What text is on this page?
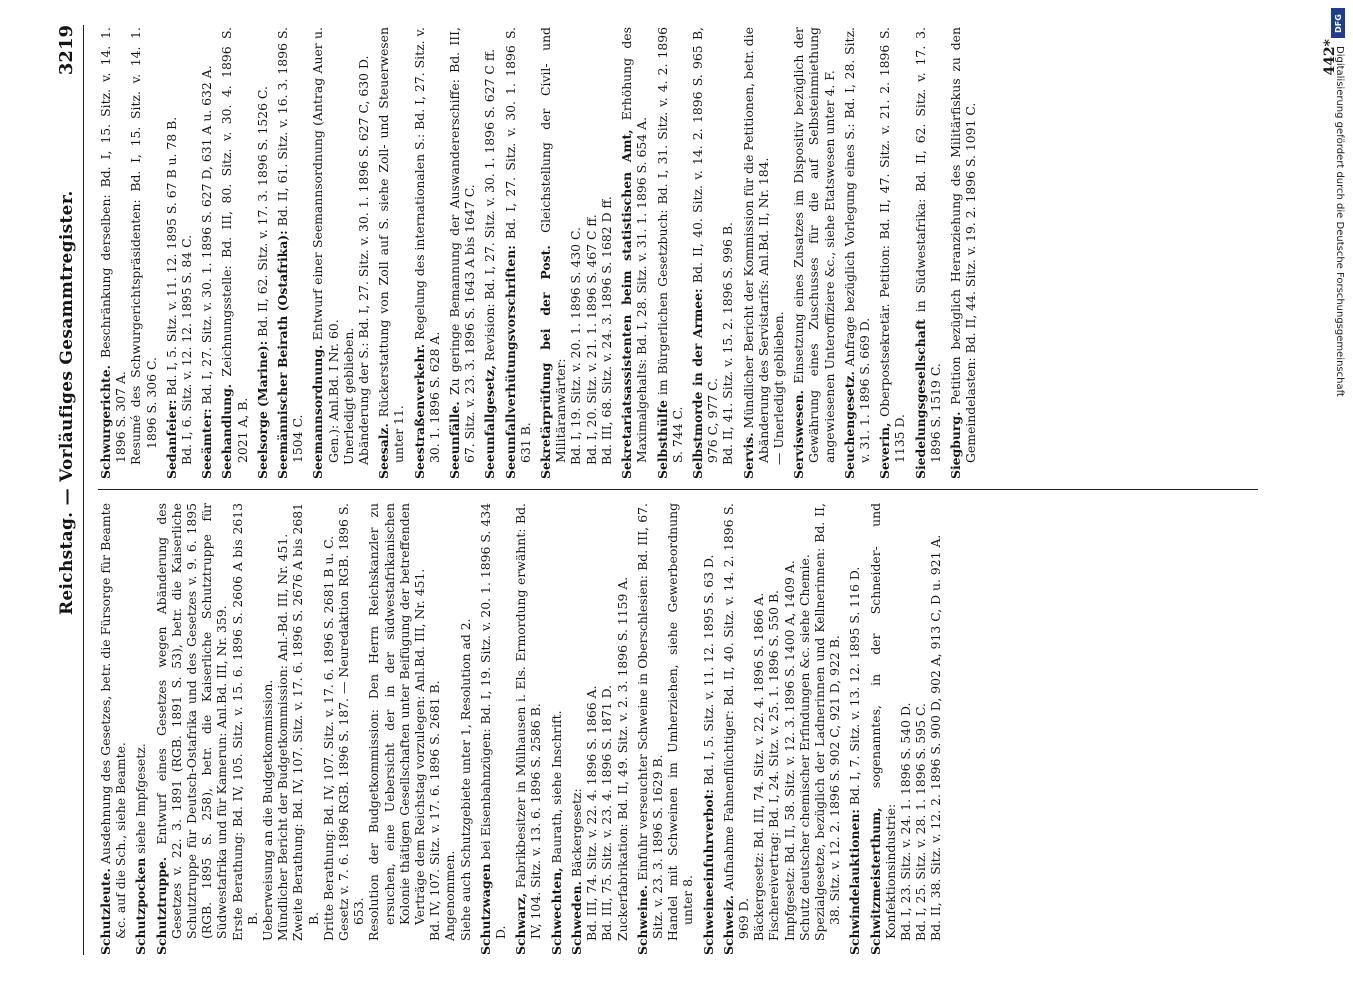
Reichstag. — Vorläufiges Gesammtregister.
3219
Schutzleute. Ausdehnung des Gesetzes, betr. die Fürsorge für Beamte &c. auf die Sch., siehe Beamte. Schutzpocken siehe Impfgesetz.
Schutztruppe. Entwurf eines Gesetzes wegen Abänderung des Gesetzes v. 22. 3. 1891 (RGB. 1891 S. 53), betr. die Kaiserliche Schutztruppe für Deutsch-Ostafrika und des Gesetzes v. 9. 6. 1895 (RGB. 1895 S. 258), betr. die Kaiserliche Schutztruppe für Südwestafrika und für Kamerun: Anl.Bd. III, Nr. 359. Erste Berathung: Bd. IV, 105. Sitz. v. 15. 6. 1896 S. 2606 A bis 2613 B. Ueberweisung an die Budgetkommission. Mündlicher Bericht der Budgetkommission: Anl.-Bd. III, Nr. 451. Zweite Berathung: Bd. IV, 107. Sitz. v. 17. 6. 1896 S. 2676 A bis 2681 B. Dritte Berathung: Bd. IV, 107. Sitz. v. 17. 6. 1896 S. 2681 B u. C. Gesetz v. 7. 6. 1896 RGB. 1896 S. 187. — Neuredaktion RGB. 1896 S. 653. Resolution der Budgetkommission: Den Herrn Reichskanzler zu ersuchen, eine Uebersicht der in der südwestafrikanischen Kolonie thätigen Gesellschaften unter Beifügung der betreffenden Verträge dem Reichstag vorzulegen: Anl.Bd. III, Nr. 451. Bd. IV, 107. Sitz. v. 17. 6. 1896 S. 2681 B. Angenommen. Siehe auch Schutzgebiete unter 1, Resolution ad 2. Schutzwagen bei Eisenbahnzügen: Bd. I, 19. Sitz. v. 20. 1. 1896 S. 434 D. Schwarz, Fabrikbesitzer in Mülhausen i. Els. Ermordung erwähnt: Bd. IV, 104. Sitz. v. 13. 6. 1896 S. 2586 B. Schwechten, Baurath, siehe Inschrift.
Schweden. Bäckergesetz: Bd. III, 74. Sitz. v. 22. 4. 1896 S. 1866 A. Bd. III, 75. Sitz. v. 23. 4. 1896 S. 1871 D. Zuckerfabrikation: Bd. II, 49. Sitz. v. 2. 3. 1896 S. 1159 A. Schweine. Einfuhr verseuchter Schweine in Oberschlesien: Bd. III, 67. Sitz. v. 23. 3. 1896 S. 1629 B. Handel mit Schweinen im Umherziehen, siehe Gewerbeordnung unter 8. Schweineeinfuhrverbot: Bd. I, 5. Sitz. v. 11. 12. 1895 S. 63 D.
Schweiz. Aufnahme Fahnenflüchtiger: Bd. II, 40. Sitz. v. 14. 2. 1896 S. 969 D. Bäckergesetz: Bd. III, 74. Sitz. v. 22. 4. 1896 S. 1866 A. Fischereivertrag: Bd. I, 24. Sitz. v. 25. 1. 1896 S. 550 B. Impfgesetz: Bd. II, 58. Sitz. v. 12. 3. 1896 S. 1400 A, 1409 A. Schutz deutscher chemischer Erfindungen &c. siehe Chemie. Spezialgesetze, bezüglich der Ladnerinnen und Kellnerinnen: Bd. II, 38. Sitz. v. 12. 2. 1896 S. 902 C, 921 D, 922 B. Schwindelauktionen: Bd. I, 7. Sitz. v. 13. 12. 1895 S. 116 D.
Schwitzmeisterthum, sogenanntes, in der Schneider- und Konfektionsindustrie: Bd. I, 23. Sitz. v. 24. 1. 1896 S. 540 D. Bd. I, 25. Sitz. v. 28. 1. 1896 S. 595 C. Bd. II, 38. Sitz. v. 12. 2. 1896 S. 900 D, 902 A, 913 C, D u. 921 A.
Schwurgerichte. Beschränkung derselben: Bd. I, 15. Sitz. v. 14. 1. 1896 S. 307 A. Resumé des Schwurgerichtspräsidenten: Bd. I, 15. Sitz. v. 14. 1. 1896 S. 306 C. Sedanfeier: Bd. I, 5. Sitz. v. 11. 12. 1895 S. 67 B u. 78 B. Bd. I, 6. Sitz. v. 12. 12. 1895 S. 84 C. Seeämter: Bd. I, 27. Sitz. v. 30. 1. 1896 S. 627 D, 631 A u. 632 A.
Seehandlung. Zeichnungsstelle: Bd. III, 80. Sitz. v. 30. 4. 1896 S. 2021 A, B. Seelsorge (Marine): Bd. II, 62. Sitz. v. 17. 3. 1896 S. 1526 C.
Seemännischer Beirath (Ostafrika): Bd. II, 61. Sitz. v. 16. 3. 1896 S. 1504 C. Seemannsordnung. Entwurf einer Seemannsordnung (Antrag Auer u. Gen.): Anl.Bd. I Nr. 60. Unerledigt geblieben. Abänderung der S.: Bd. I, 27. Sitz. v. 30. 1. 1896 S. 627 C, 630 D. Seesalz. Rückerstattung von Zoll auf S. siehe Zoll- und Steuerwesen unter 11. Seestraßenverkehr. Regelung des internationalen S.: Bd. I, 27. Sitz. v. 30. 1. 1896 S. 628 A. Seeunfälle. Zu geringe Bemannung der Auswandererschiffe: Bd. III, 67. Sitz. v. 23. 3. 1896 S. 1643 A bis 1647 C. Seeunfallgesetz, Revision: Bd. I, 27. Sitz. v. 30. 1. 1896 S. 627 C ff.
Seeunfallverhütungsvorschriften: Bd. I, 27. Sitz. v. 30. 1. 1896 S. 631 B. Sekretärprüfung bei der Post. Gleichstellung der Civil- und Militäranwärter: Bd. I, 19. Sitz. v. 20. 1. 1896 S. 430 C. Bd. I, 20. Sitz. v. 21. 1. 1896 S. 467 C ff. Bd. III, 68. Sitz. v. 24. 3. 1896 S. 1682 D ff. Sekretariatsassistenten beim statistischen Amt, Erhöhung des Maximalgehalts: Bd. I, 28. Sitz. v. 31. 1. 1896 S. 654 A. Selbsthülfe im Bürgerlichen Gesetzbuch: Bd. I, 31. Sitz. v. 4. 2. 1896 S. 744 C. Selbstmorde in der Armee: Bd. II, 40. Sitz. v. 14. 2. 1896 S. 965 B, 976 C, 977 C. Bd. II, 41. Sitz. v. 15. 2. 1896 S. 996 B. Servis. Mündlicher Bericht der Kommission für die Petitionen, betr. die Abänderung des Servistarifs: Anl.Bd. II, Nr. 184. — Unerledigt geblieben. Serviswesen. Einsetzung eines Zusatzes im Dispositiv bezüglich der Gewährung eines Zuschusses für die auf Selbsteinmiethung angewiesenen Unteroffiziere &c., siehe Etatswesen unter 4. F. Seuchengesetz. Anfrage bezüglich Vorlegung eines S.: Bd. I, 28. Sitz. v. 31. 1. 1896 S. 669 D. Severin, Oberpostsekretär. Petition: Bd. II, 47. Sitz. v. 21. 2. 1896 S. 1135 D. Siedelungsgesellschaft in Südwestafrika: Bd. II, 62. Sitz. v. 17. 3. 1896 S. 1519 C. Siegburg. Petition bezüglich Heranziehung des Militärfiskus zu den Gemeindelasten: Bd. II, 44. Sitz. v. 19. 2. 1896 S. 1091 C.
442*
DFG
Digitalisierung gefördert durch die Deutsche Forschungsgemeinschaft
